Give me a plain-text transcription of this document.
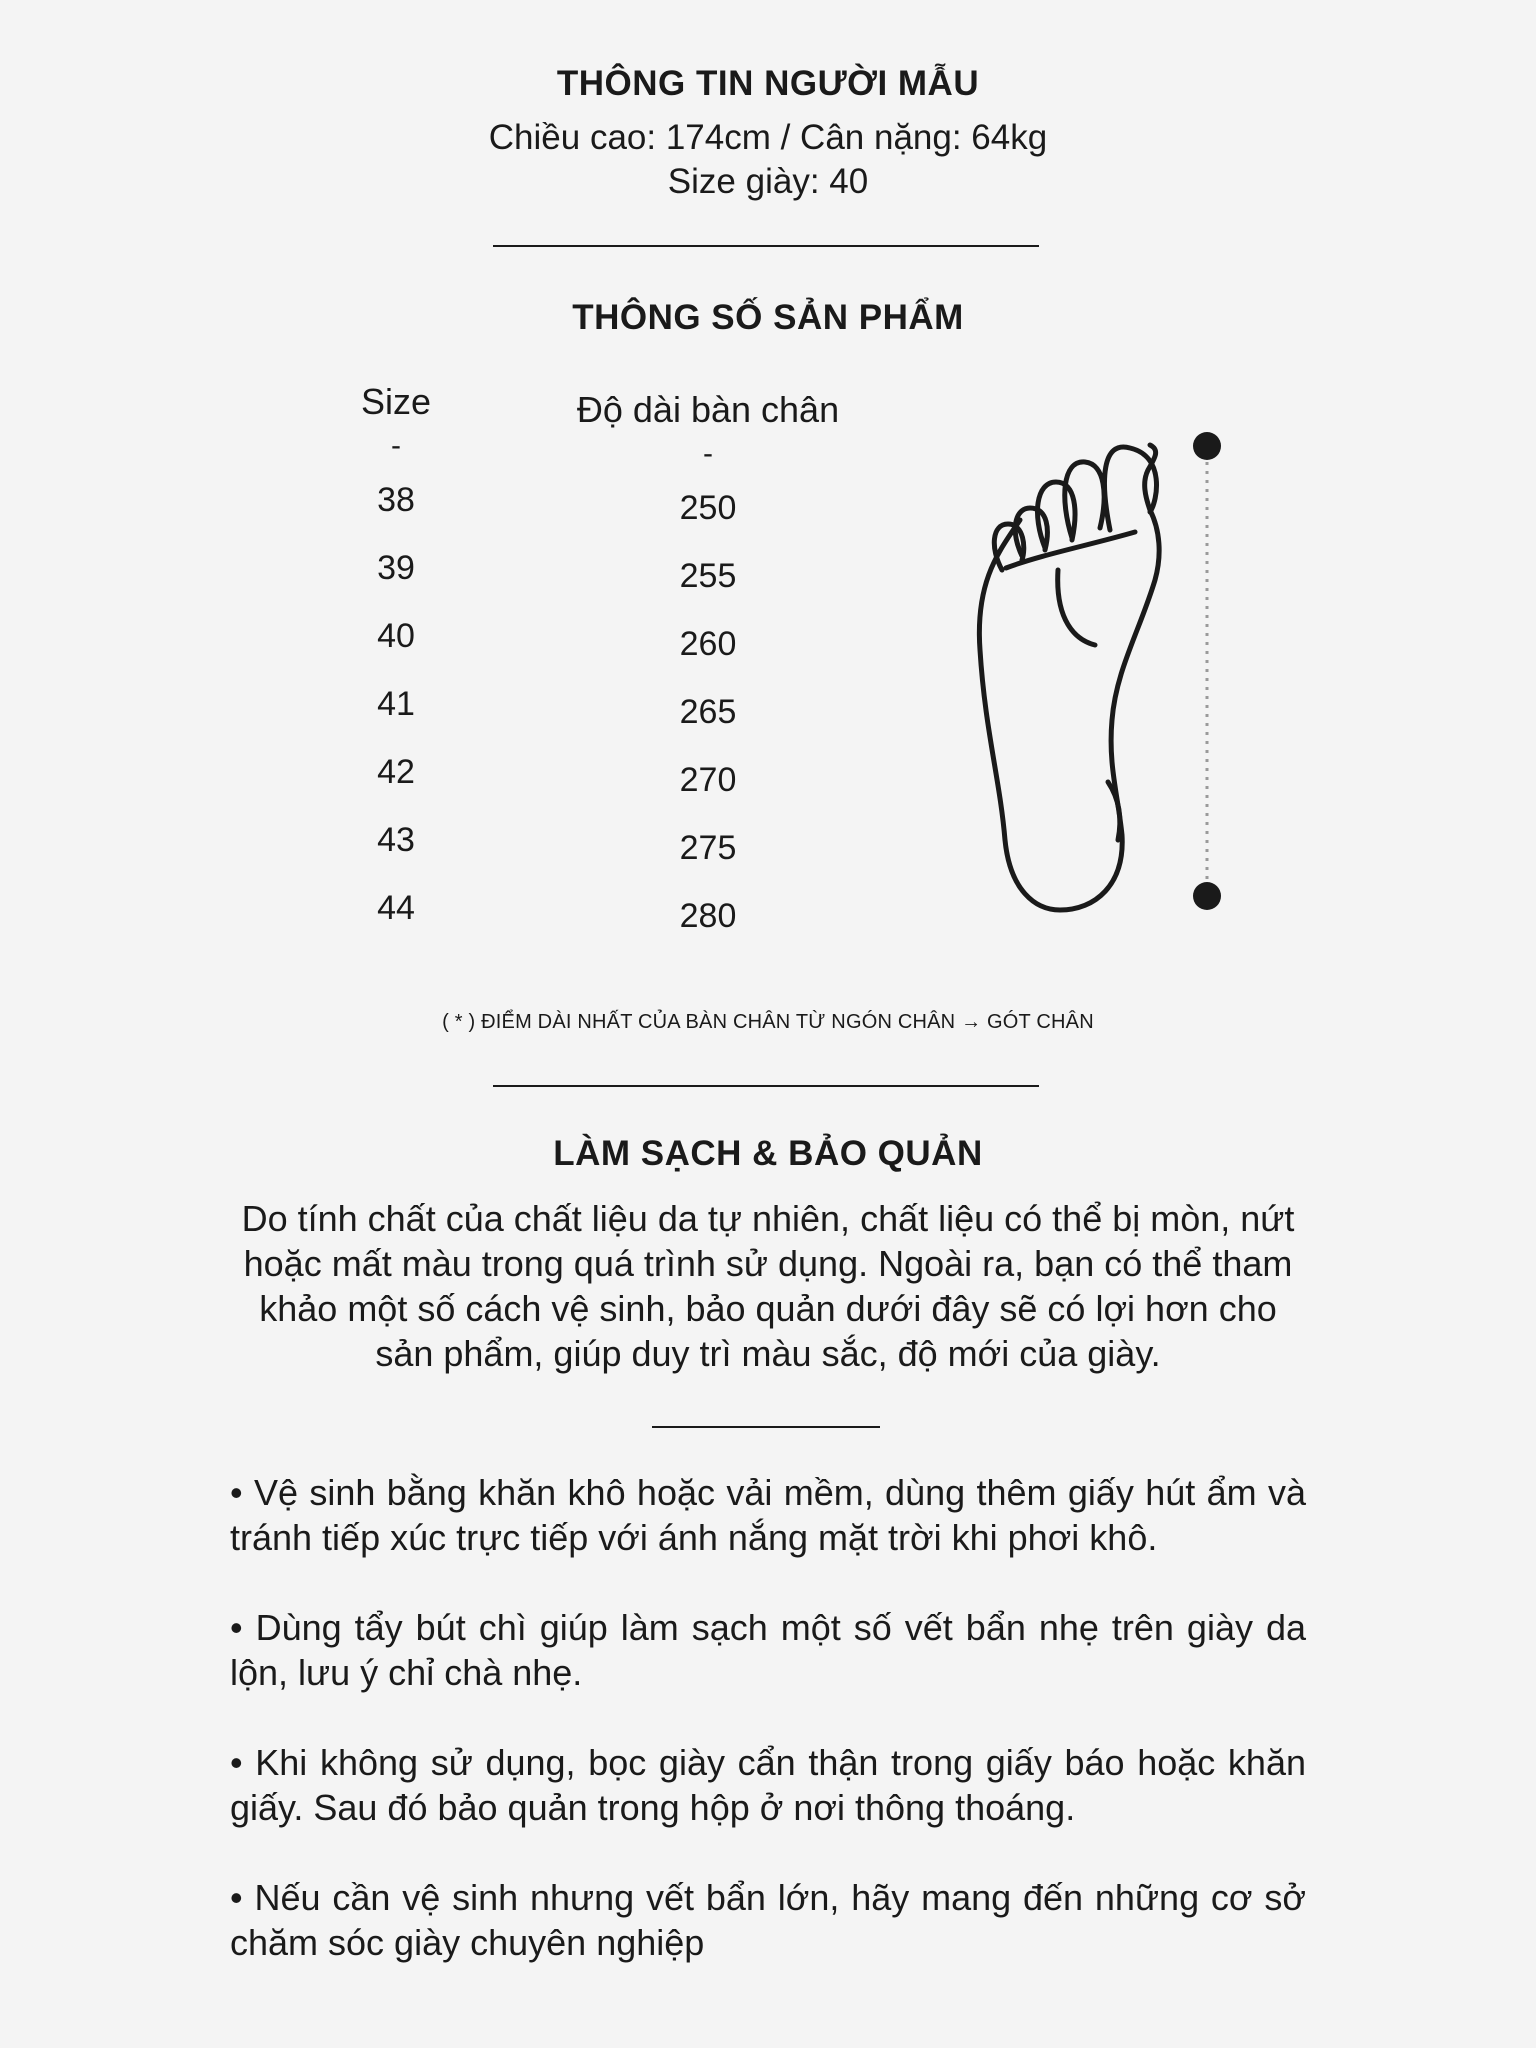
THÔNG TIN NGƯỜI MẪU
Chiều cao: 174cm / Cân nặng: 64kg
Size giày: 40
THÔNG SỐ SẢN PHẨM
Size
-
38
39
40
41
42
43
44
Độ dài bàn chân
-
250
255
260
265
270
275
280
( * ) ĐIỂM DÀI NHẤT CỦA BÀN CHÂN TỪ NGÓN CHÂN → GÓT CHÂN
LÀM SẠCH & BẢO QUẢN
Do tính chất của chất liệu da tự nhiên, chất liệu có thể bị mòn, nứt hoặc mất màu trong quá trình sử dụng. Ngoài ra, bạn có thể tham khảo một số cách vệ sinh, bảo quản dưới đây sẽ có lợi hơn cho sản phẩm, giúp duy trì màu sắc, độ mới của giày.
• Vệ sinh bằng khăn khô hoặc vải mềm, dùng thêm giấy hút ẩm và tránh tiếp xúc trực tiếp với ánh nắng mặt trời khi phơi khô.
• Dùng tẩy bút chì giúp làm sạch một số vết bẩn nhẹ trên giày da lộn, lưu ý chỉ chà nhẹ.
• Khi không sử dụng, bọc giày cẩn thận trong giấy báo hoặc khăn giấy. Sau đó bảo quản trong hộp ở nơi thông thoáng.
• Nếu cần vệ sinh nhưng vết bẩn lớn, hãy mang đến những cơ sở chăm sóc giày chuyên nghiệp
